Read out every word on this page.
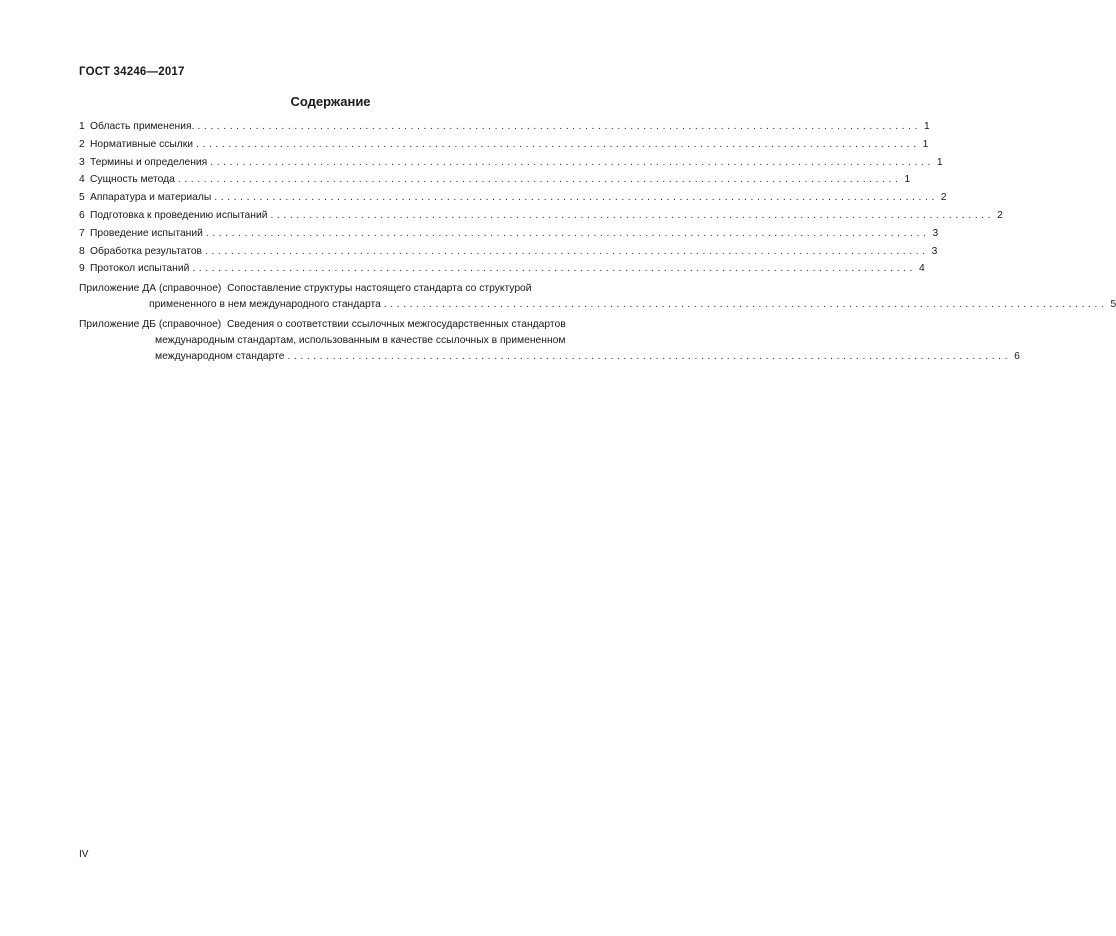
ГОСТ 34246—2017
Содержание
1 Область применения. ................................................................................................................ 1
2 Нормативные ссылки ................................................................................................................ 1
3 Термины и определения ................................................................................................................ 1
4 Сущность метода ................................................................................................................ 1
5 Аппаратура и материалы ................................................................................................................ 2
6 Подготовка к проведению испытаний ................................................................................................................ 2
7 Проведение испытаний ................................................................................................................ 3
8 Обработка результатов ................................................................................................................ 3
9 Протокол испытаний ................................................................................................................ 4
Приложение ДА (справочное) Сопоставление структуры настоящего стандарта со структурой
примененного в нем международного стандарта ................................................................................................................ 5
Приложение ДБ (справочное) Сведения о соответствии ссылочных межгосударственных стандартов
международным стандартам, использованным в качестве ссылочных в примененном
международном стандарте ................................................................................................................ 6
IV
